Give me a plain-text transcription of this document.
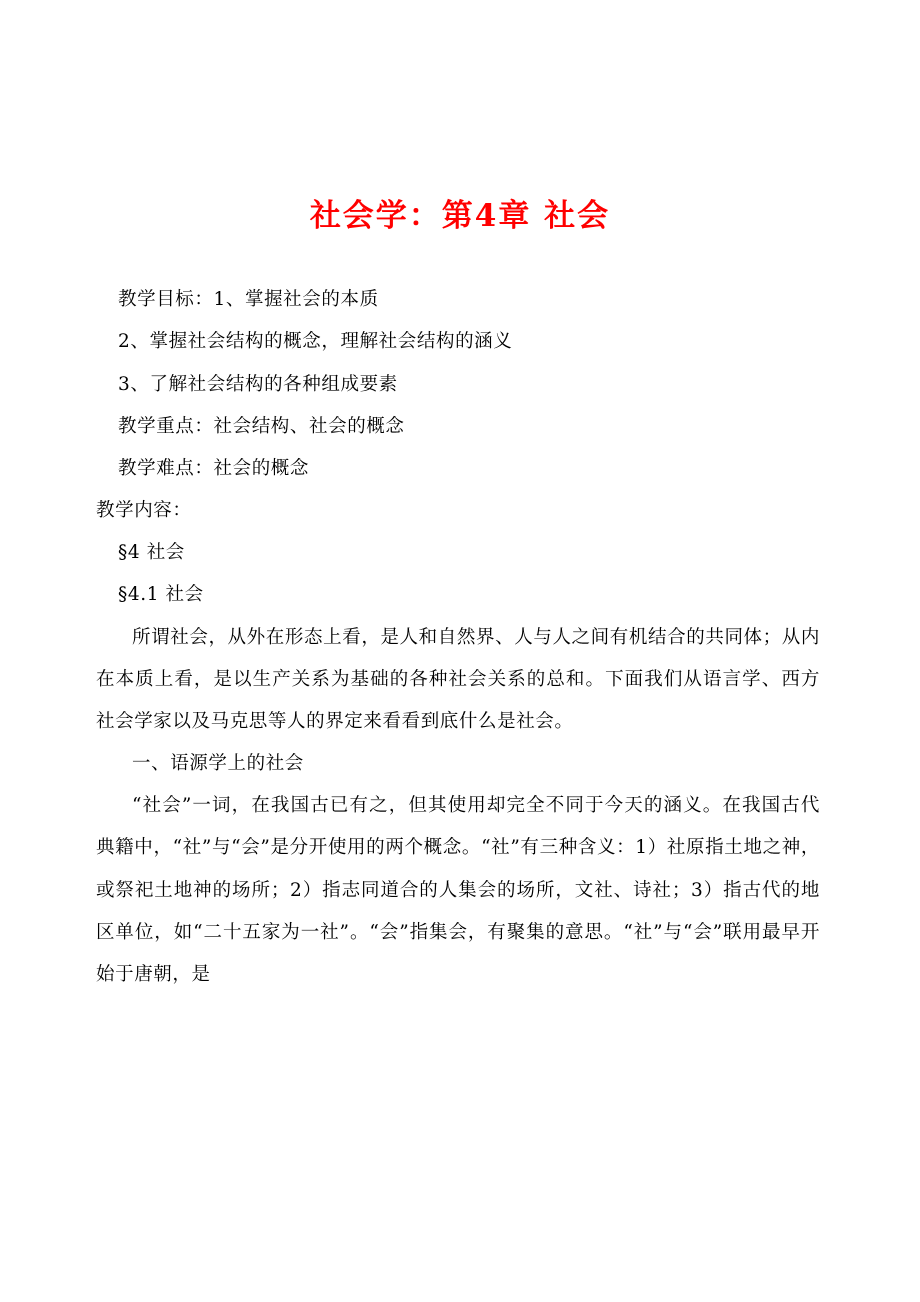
社会学：第4章 社会

教学目标：1、掌握社会的本质

2、掌握社会结构的概念，理解社会结构的涵义

3、了解社会结构的各种组成要素

教学重点：社会结构、社会的概念

教学难点：社会的概念

教学内容：

§4 社会

§4.1 社会

所谓社会，从外在形态上看，是人和自然界、人与人之间有机结合的共同体；从内在本质上看，是以生产关系为基础的各种社会关系的总和。下面我们从语言学、西方社会学家以及马克思等人的界定来看看到底什么是社会。

一、语源学上的社会

“社会”一词，在我国古已有之，但其使用却完全不同于今天的涵义。在我国古代典籍中，“社”与“会”是分开使用的两个概念。“社”有三种含义：1）社原指土地之神，或祭祀土地神的场所；2）指志同道合的人集会的场所，文社、诗社；3）指古代的地区单位，如“二十五家为一社”。“会”指集会，有聚集的意思。“社”与“会”联用最早开始于唐朝，是
